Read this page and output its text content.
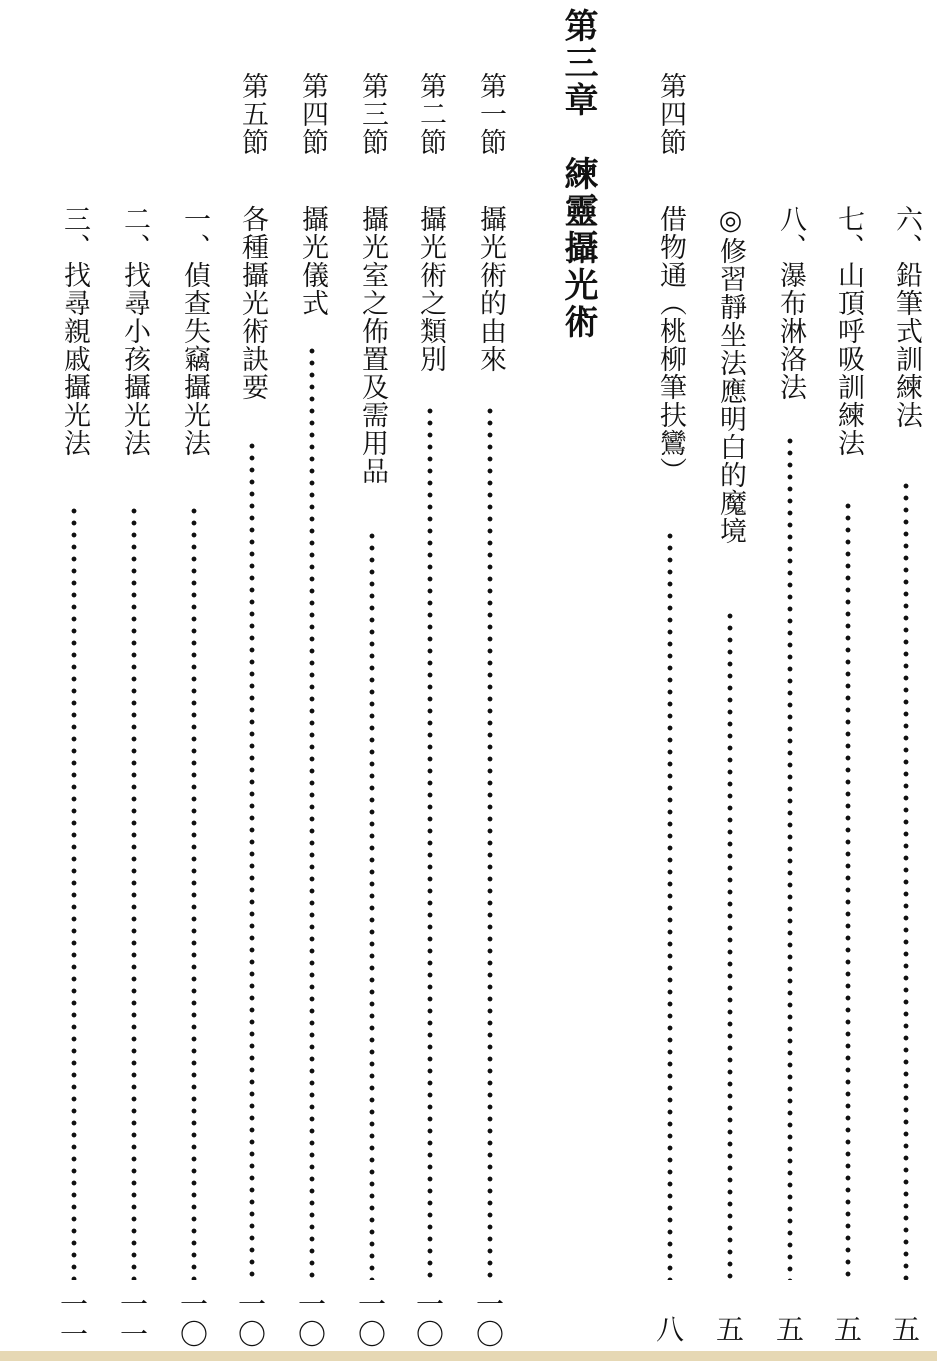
六、鉛筆式訓練法
五
七、山頂呼吸訓練法
五
八、瀑布淋洛法
五
◎修習靜坐法應明白的魔境
五
第四節
借物通（桃柳筆扶鸞）
八
第三章　練靈攝光術
第一節
攝光術的由來
一〇
第二節
攝光術之類別
一〇
第三節
攝光室之佈置及需用品
一〇
第四節
攝光儀式
一〇
第五節
各種攝光術訣要
一〇
一、偵查失竊攝光法
一〇
二、找尋小孩攝光法
一一
三、找尋親戚攝光法
一一
